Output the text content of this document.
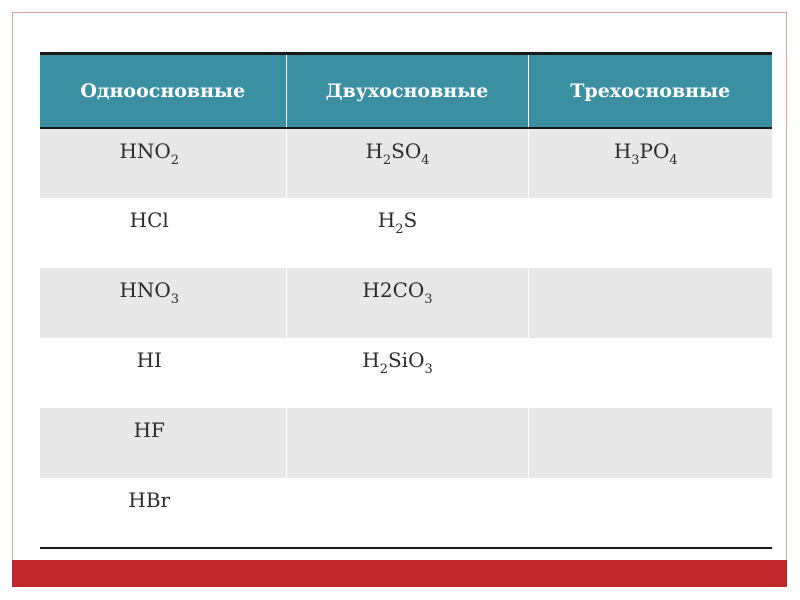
Одноосновные	Двухосновные	Трехосновные
$HNO_2$	$H_2SO_4$	$H_3PO_4$
HCl	$H_2S$	
$HNO_3$	$H2CO_3$	
HI	$H_2SiO_3$	
HF		
HBr		
